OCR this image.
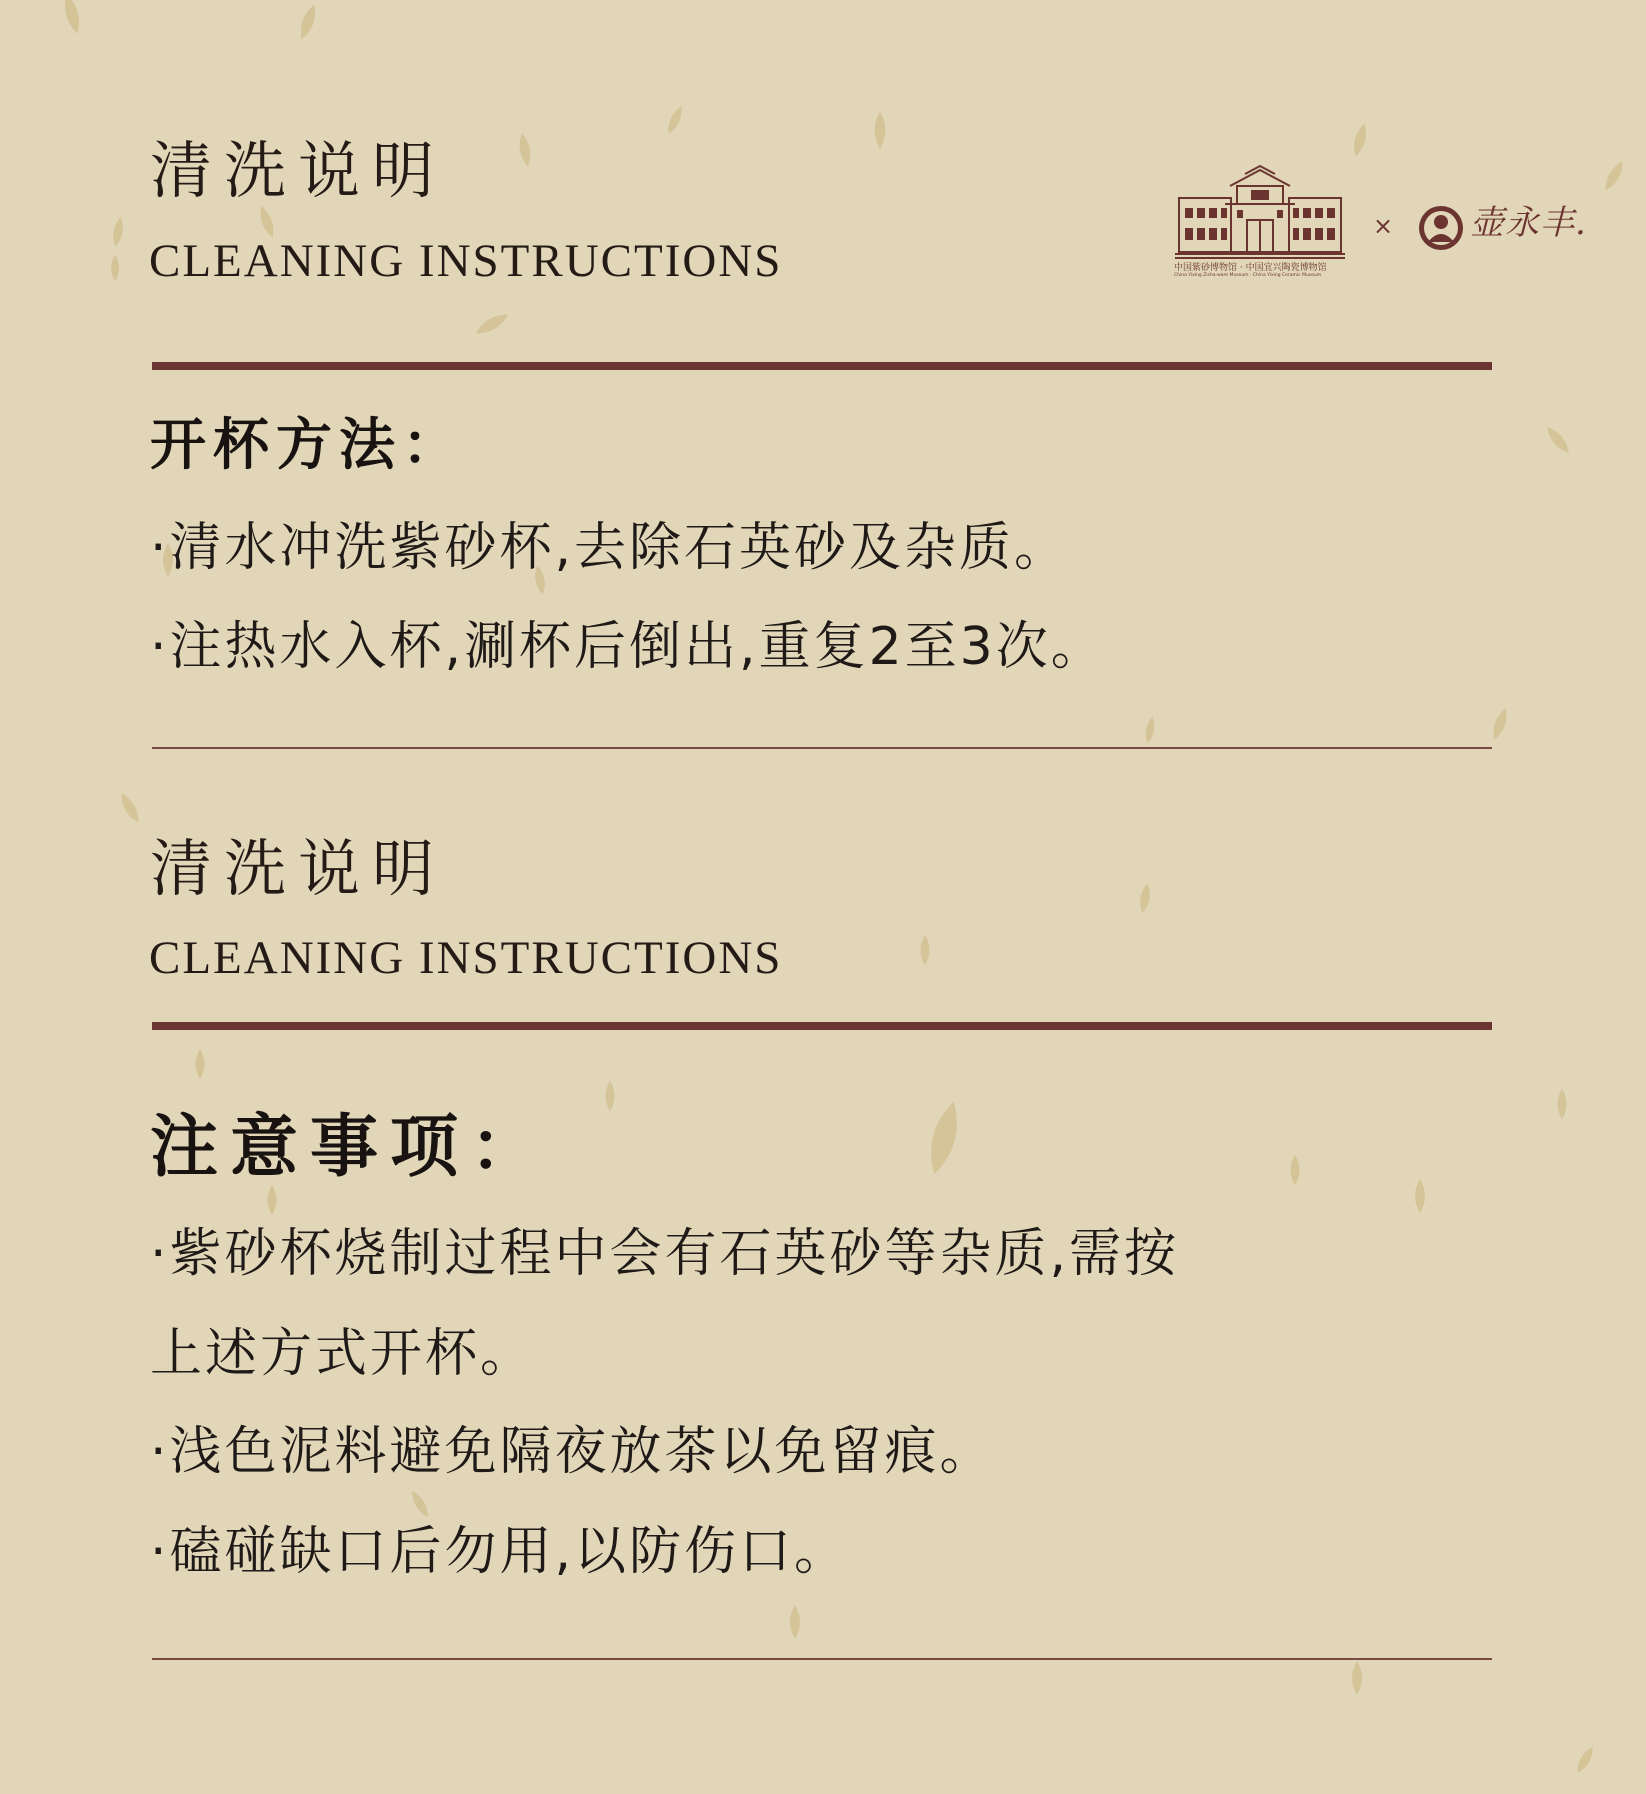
清洗说明
CLEANING INSTRUCTIONS	中国紫砂博物馆 · 中国宜兴陶瓷博物馆
China Yixing Zisha-ware Museum · China Yixing Ceramic Museum
× 壶永丰.
开杯方法：
·清水冲洗紫砂杯,去除石英砂及杂质。
·注热水入杯,涮杯后倒出,重复2至3次。
清洗说明
CLEANING INSTRUCTIONS
注意事项：
·紫砂杯烧制过程中会有石英砂等杂质,需按
上述方式开杯。
·浅色泥料避免隔夜放茶以免留痕。
·磕碰缺口后勿用,以防伤口。
